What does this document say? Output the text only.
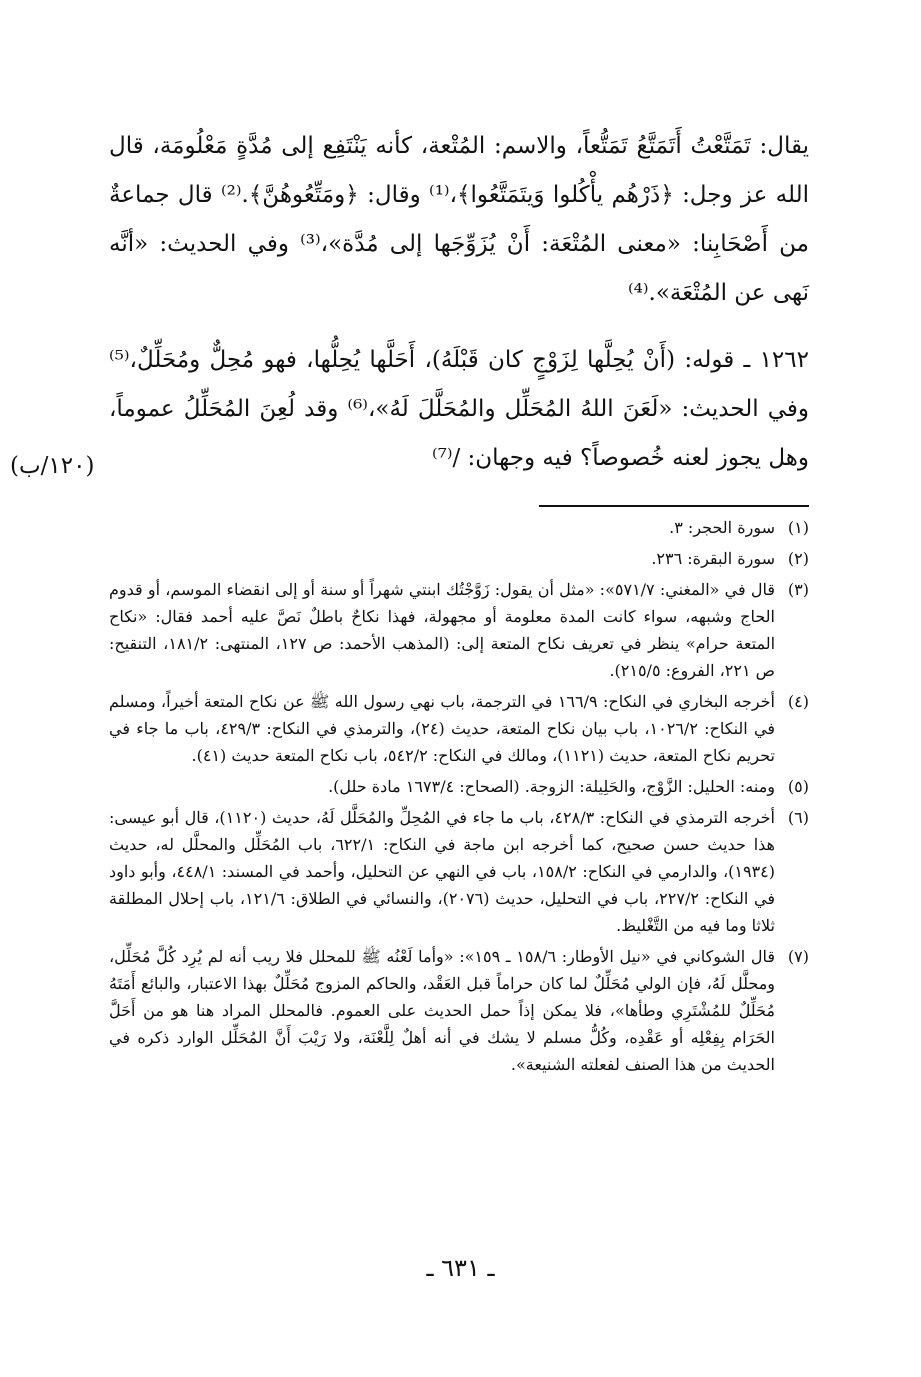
يقال: تَمَتَّعْتُ أَتَمَتَّعُ تَمَتُّعاً، والاسم: المُتْعة، كأنه يَنْتَفِع إلى مُدَّةٍ مَعْلُومَة، قال الله عز وجل: ﴿ذَرْهُم يأْكُلوا وَيتَمَتَّعُوا﴾،⁽¹⁾ وقال: ﴿ومَتِّعُوهُنَّ﴾.⁽²⁾ قال جماعةٌ من أَصْحَابِنا: «معنى المُتْعَة: أَنْ يُزَوِّجَها إلى مُدَّة»،⁽³⁾ وفي الحديث: «أنَّه نَهى عن المُتْعَة».⁽⁴⁾

١٢٦٢ ـ قوله: (أَنْ يُحِلَّها لِزَوْجٍ كان قَبْلَهُ)، أَحَلَّها يُحِلُّها، فهو مُحِلٌّ ومُحَلِّلٌ،⁽⁵⁾ وفي الحديث: «لَعَنَ اللهُ المُحَلِّل والمُحَلَّلَ لَهُ»،⁽⁶⁾ وقد لُعِنَ المُحَلِّلُ عموماً، وهل يجوز لعنه خُصوصاً؟ فيه وجهان: /⁽⁷⁾

(١٢٠/ب)
(١)
سورة الحجر: ٣.
(٢)
سورة البقرة: ٢٣٦.
(٣)
قال في «المغني: ٥٧١/٧»: «مثل أن يقول: زَوَّجْتُك ابنتي شهراً أو سنة أو إلى انقضاء الموسم، أو قدوم الحاج وشبهه، سواء كانت المدة معلومة أو مجهولة، فهذا نكاحٌ باطلٌ نَصَّ عليه أحمد فقال: «نكاح المتعة حرام» ينظر في تعريف نكاح المتعة إلى: (المذهب الأحمد: ص ١٢٧، المنتهى: ١٨١/٢، التنقيح: ص ٢٢١، الفروع: ٢١٥/٥).
(٤)
أخرجه البخاري في النكاح: ١٦٦/٩ في الترجمة، باب نهي رسول الله ﷺ عن نكاح المتعة أخيراً، ومسلم في النكاح: ١٠٢٦/٢، باب بيان نكاح المتعة، حديث (٢٤)، والترمذي في النكاح: ٤٢٩/٣، باب ما جاء في تحريم نكاح المتعة، حديث (١١٢١)، ومالك في النكاح: ٥٤٢/٢، باب نكاح المتعة حديث (٤١).
(٥)
ومنه: الحليل: الزَّوْج، والحَلِيلة: الزوجة. (الصحاح: ١٦٧٣/٤ مادة حلل).
(٦)
أخرجه الترمذي في النكاح: ٤٢٨/٣، باب ما جاء في المُحِلِّ والمُحَلَّل لَهُ، حديث (١١٢٠)، قال أبو عيسى: هذا حديث حسن صحيح، كما أخرجه ابن ماجة في النكاح: ٦٢٢/١، باب المُحَلِّل والمحلَّل له، حديث (١٩٣٤)، والدارمي في النكاح: ١٥٨/٢، باب في النهي عن التحليل، وأحمد في المسند: ٤٤٨/١، وأبو داود في النكاح: ٢٢٧/٢، باب في التحليل، حديث (٢٠٧٦)، والنسائي في الطلاق: ١٢١/٦، باب إحلال المطلقة ثلاثا وما فيه من التَّغْليظ.
(٧)
قال الشوكاني في «نيل الأوطار: ١٥٨/٦ ـ ١٥٩»: «وأما لَعْنُه ﷺ للمحلل فلا ريب أنه لم يُرِد كُلَّ مُحَلِّل، ومحلَّل لَهُ، فإن الولي مُحَلِّلٌ لما كان حراماً قبل العَقْد، والحاكم المزوج مُحَلِّلٌ بهذا الاعتبار، والبائع أَمَتَهُ مُحَلِّلٌ للمُشْتَرِي وطأها»، فلا يمكن إذاً حمل الحديث على العموم. فالمحلل المراد هنا هو من أَحَلَّ الحَرَام بِفِعْلِه أو عَقْدِه، وكُلُّ مسلم لا يشك في أنه أهلٌ لِلَّعْنَة، ولا رَيْبَ أَنَّ المُحَلِّل الوارد ذكره في الحديث من هذا الصنف لفعلته الشنيعة».
ـ ٦٣١ ـ
